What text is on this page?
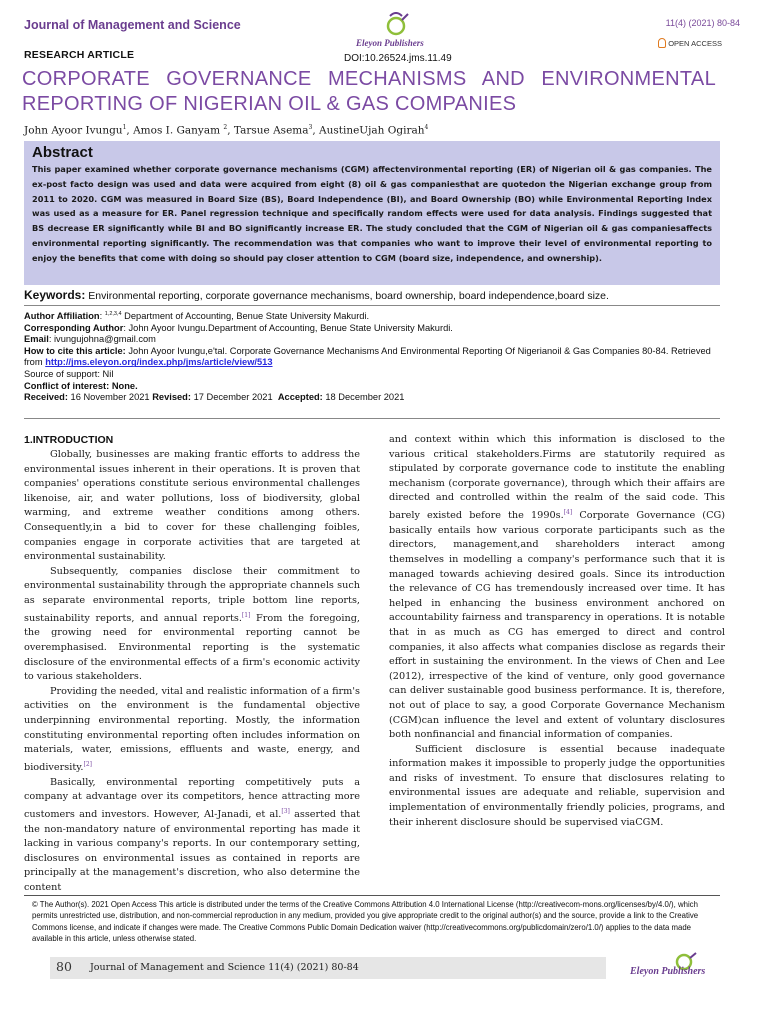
Journal of Management and Science	11(4) (2021) 80-84
OPEN ACCESS
Eleyon Publishers
DOI:10.26524.jms.11.49
RESEARCH ARTICLE
CORPORATE GOVERNANCE MECHANISMS AND ENVIRONMENTAL REPORTING OF NIGERIAN OIL & GAS COMPANIES
John Ayoor Ivungu$^1$, Amos I. Ganyam $^2$, Tarsue Asema$^3$, AustineUjah Ogirah$^4$
Abstract
This paper examined whether corporate governance mechanisms (CGM) affectenvironmental reporting (ER) of Nigerian oil & gas companies. The ex-post facto design was used and data were acquired from eight (8) oil & gas companiesthat are quotedon the Nigerian exchange group from 2011 to 2020. CGM was measured in Board Size (BS), Board Independence (BI), and Board Ownership (BO) while Environmental Reporting Index was used as a measure for ER. Panel regression technique and specifically random effects were used for data analysis. Findings suggested that BS decrease ER significantly while BI and BO significantly increase ER. The study concluded that the CGM of Nigerian oil & gas companiesaffects environmental reporting significantly. The recommendation was that companies who want to improve their level of environmental reporting to enjoy the benefits that come with doing so should pay closer attention to CGM (board size, independence, and ownership).
Keywords: Environmental reporting, corporate governance mechanisms, board ownership, board independence,board size.
Author Affiliation: $^{1,2,3,4}$ Department of Accounting, Benue State University Makurdi.
Corresponding Author: John Ayoor Ivungu.Department of Accounting, Benue State University Makurdi.
Email: ivungujohna@gmail.com
How to cite this article: John Ayoor Ivungu,e'tal. Corporate Governance Mechanisms And Environmental Reporting Of Nigerianoil & Gas Companies 80-84. Retrieved from http://jms.eleyon.org/index.php/jms/article/view/513
Source of support: Nil
Conflict of interest: None.
Received: 16 November 2021 Revised: 17 December 2021 Accepted: 18 December 2021
1.INTRODUCTION

Globally, businesses are making frantic efforts to address the environmental issues inherent in their operations. It is proven that companies' operations constitute serious environmental challenges likenoise, air, and water pollutions, loss of biodiversity, global warming, and extreme weather conditions among others. Consequently,in a bid to cover for these challenging foibles, companies engage in corporate activities that are targeted at environmental sustainability.

Subsequently, companies disclose their commitment to environmental sustainability through the appropriate channels such as separate environmental reports, triple bottom line reports, sustainability reports, and annual reports.[1] From the foregoing, the growing need for environmental reporting cannot be overemphasised. Environmental reporting is the systematic disclosure of the environmental effects of a firm's economic activity to various stakeholders.

Providing the needed, vital and realistic information of a firm's activities on the environment is the fundamental objective underpinning environmental reporting. Mostly, the information constituting environmental reporting often includes information on materials, water, emissions, effluents and waste, energy, and biodiversity.[2]

Basically, environmental reporting competitively puts a company at advantage over its competitors, hence attracting more customers and investors. However, Al-Janadi, et al.[3] asserted that the non-mandatory nature of environmental reporting has made it lacking in various company's reports. In our contemporary setting, disclosures on environmental issues as contained in reports are principally at the management's discretion, who also determine the content

and context within which this information is disclosed to the various critical stakeholders.Firms are statutorily required as stipulated by corporate governance code to institute the enabling mechanism (corporate governance), through which their affairs are directed and controlled within the realm of the said code. This barely existed before the 1990s.[4] Corporate Governance (CG) basically entails how various corporate participants such as the directors, management,and shareholders interact among themselves in modelling a company's performance such that it is managed towards achieving desired goals. Since its introduction the relevance of CG has tremendously increased over time. It has helped in enhancing the business environment anchored on accountability fairness and transparency in operations. It is notable that in as much as CG has emerged to direct and control companies, it also affects what companies disclose as regards their effort in sustaining the environment. In the views of Chen and Lee (2012), irrespective of the kind of venture, only good governance can deliver sustainable good business performance. It is, therefore, not out of place to say, a good Corporate Governance Mechanism (CGM)can influence the level and extent of voluntary disclosures both nonfinancial and financial information of companies.

Sufficient disclosure is essential because inadequate information makes it impossible to properly judge the opportunities and risks of investment. To ensure that disclosures relating to environmental issues are adequate and reliable, supervision and implementation of environmentally friendly policies, programs, and their inherent disclosure should be supervised viaCGM.

© The Author(s). 2021 Open Access This article is distributed under the terms of the Creative Commons Attribution 4.0 International License (http://creativecom-mons.org/licenses/by/4.0/), which permits unrestricted use, distribution, and non-commercial reproduction in any medium, provided you give appropriate credit to the original author(s) and the source, provide a link to the Creative Commons license, and indicate if changes were made. The Creative Commons Public Domain Dedication waiver (http://creativecommons.org/publicdomain/zero/1.0/) applies to the data made available in this article, unless otherwise stated.
80 Journal of Management and Science 11(4) (2021) 80-84	Eleyon Publishers
